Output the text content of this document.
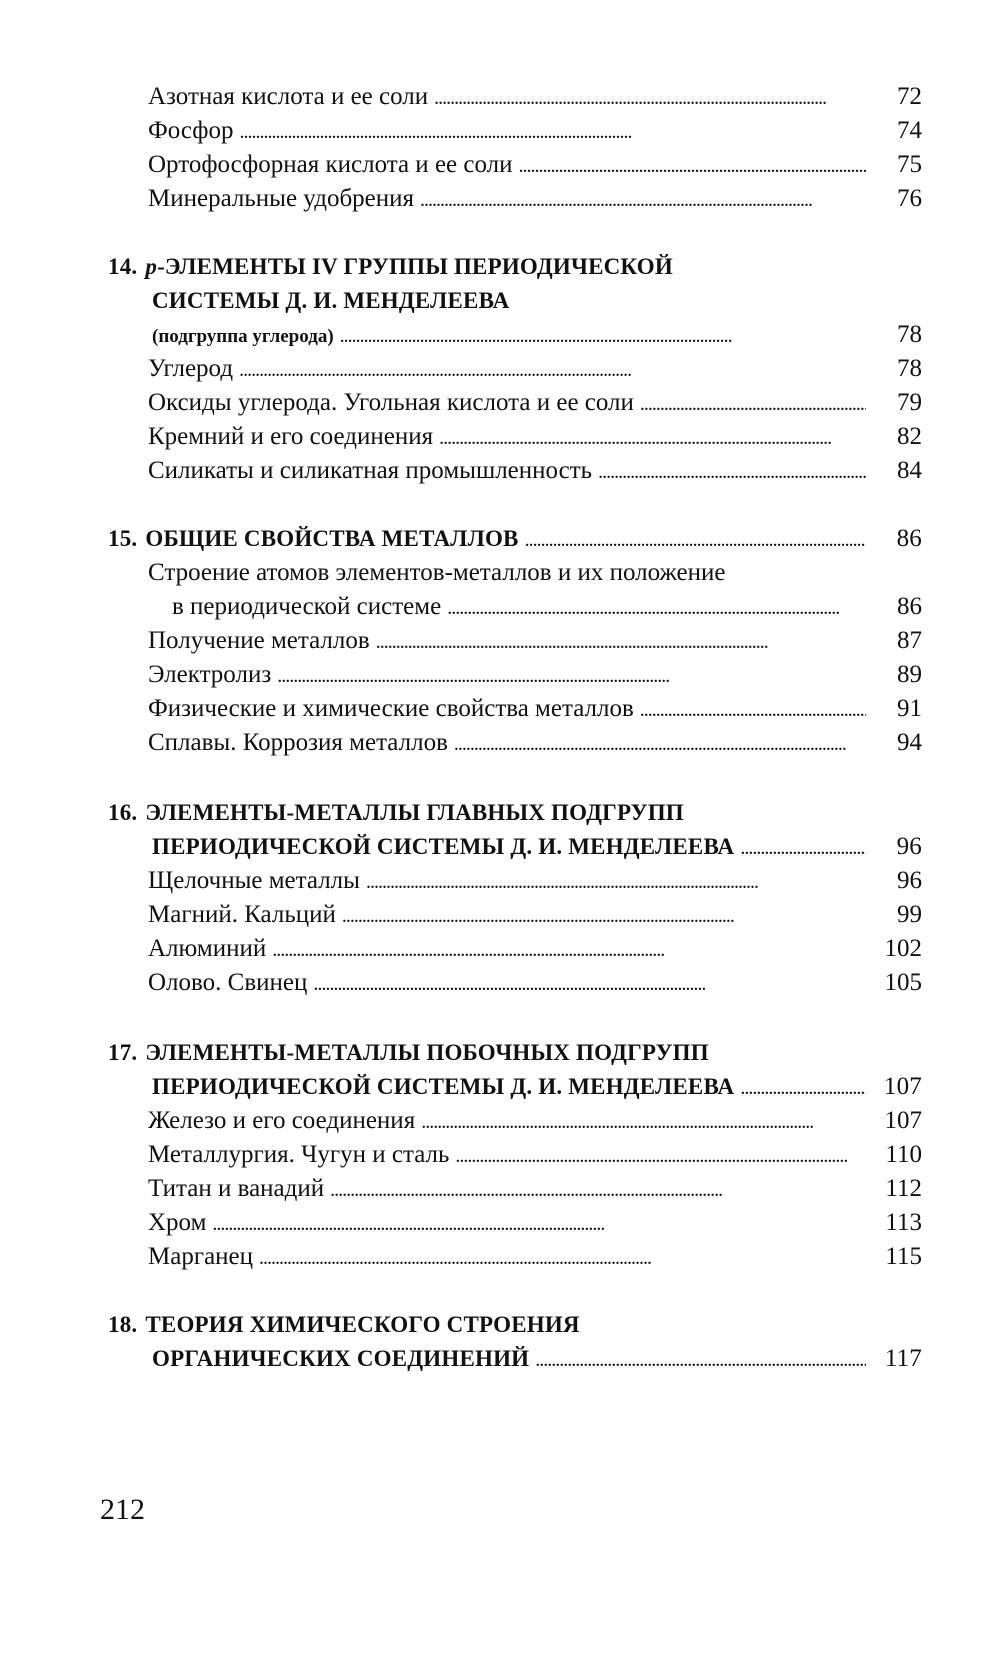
Азотная кислота и ее соли . . .	72
Фосфор . . .	74
Ортофосфорная кислота и ее соли . . .	75
Минеральные удобрения . . .	76
14. p -ЭЛЕМЕНТЫ IV ГРУППЫ ПЕРИОДИЧЕСКОЙ
СИСТЕМЫ Д. И. МЕНДЕЛЕЕВА
(подгруппа углерода) . . .	78
Углерод . . .	78
Оксиды углерода. Угольная кислота и ее соли . . .	79
Кремний и его соединения . . .	82
Силикаты и силикатная промышленность . . .	84
15. ОБЩИЕ СВОЙСТВА МЕТАЛЛОВ . . .	86
Строение атомов элементов-металлов и их положение
в периодической системе . . .	86
Получение металлов . . .	87
Электролиз . . .	89
Физические и химические свойства металлов . . .	91
Сплавы. Коррозия металлов . . .	94
16. ЭЛЕМЕНТЫ-МЕТАЛЛЫ ГЛАВНЫХ ПОДГРУПП
ПЕРИОДИЧЕСКОЙ СИСТЕМЫ Д. И. МЕНДЕЛЕЕВА . . .	96
Щелочные металлы . . .	96
Магний. Кальций . . .	99
Алюминий . . .	102
Олово. Свинец . . .	105
17. ЭЛЕМЕНТЫ-МЕТАЛЛЫ ПОБОЧНЫХ ПОДГРУПП
ПЕРИОДИЧЕСКОЙ СИСТЕМЫ Д. И. МЕНДЕЛЕЕВА . . .	107
Железо и его соединения . . .	107
Металлургия. Чугун и сталь . . .	110
Титан и ванадий . . .	112
Хром . . .	113
Марганец . . .	115
18. ТЕОРИЯ ХИМИЧЕСКОГО СТРОЕНИЯ
ОРГАНИЧЕСКИХ СОЕДИНЕНИЙ . . .	117
212
